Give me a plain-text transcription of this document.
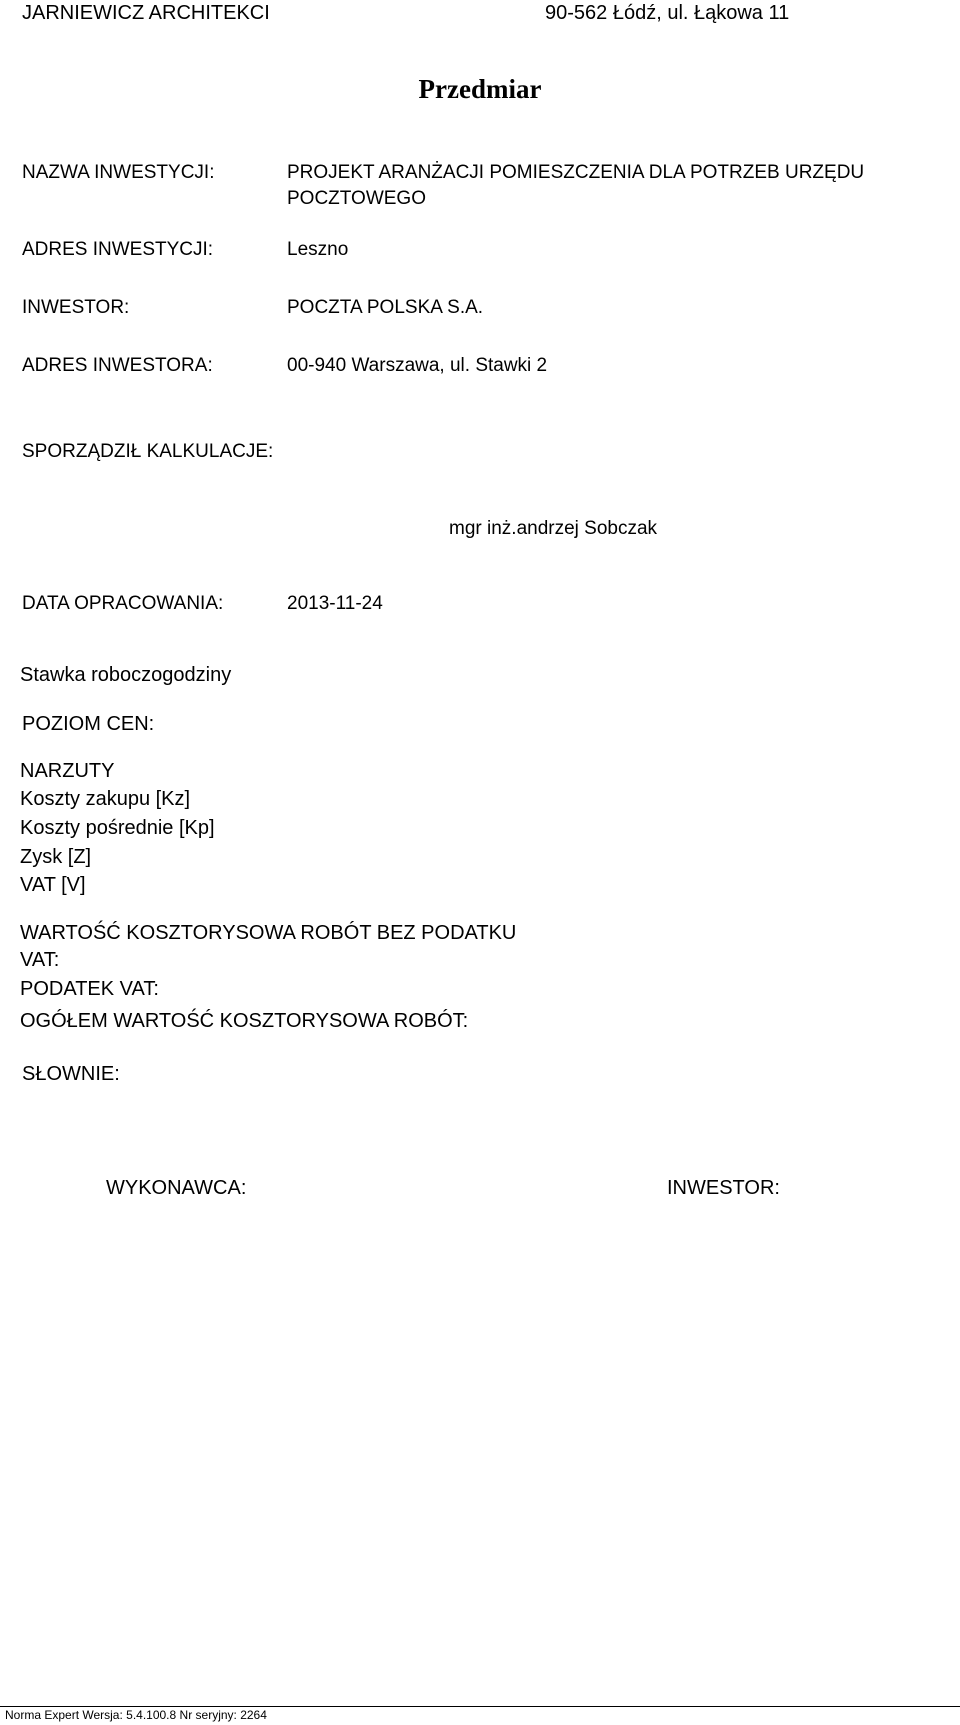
JARNIEWICZ ARCHITEKCI	90-562 Łódź, ul. Łąkowa 11
Przedmiar
NAZWA INWESTYCJI:	PROJEKT ARANŻACJI POMIESZCZENIA DLA POTRZEB URZĘDU
POCZTOWEGO
ADRES INWESTYCJI:	Leszno
INWESTOR:	POCZTA POLSKA S.A.
ADRES INWESTORA:	00-940 Warszawa, ul. Stawki 2
SPORZĄDZIŁ KALKULACJE:
mgr inż.andrzej Sobczak
DATA OPRACOWANIA:	2013-11-24
Stawka roboczogodziny
POZIOM CEN:
NARZUTY
Koszty zakupu [Kz]
Koszty pośrednie [Kp]
Zysk [Z]
VAT [V]
WARTOŚĆ KOSZTORYSOWA ROBÓT BEZ PODATKU
VAT:
PODATEK VAT:
OGÓŁEM WARTOŚĆ KOSZTORYSOWA ROBÓT:
SŁOWNIE:
WYKONAWCA:	INWESTOR:
Norma Expert Wersja: 5.4.100.8 Nr seryjny: 2264
